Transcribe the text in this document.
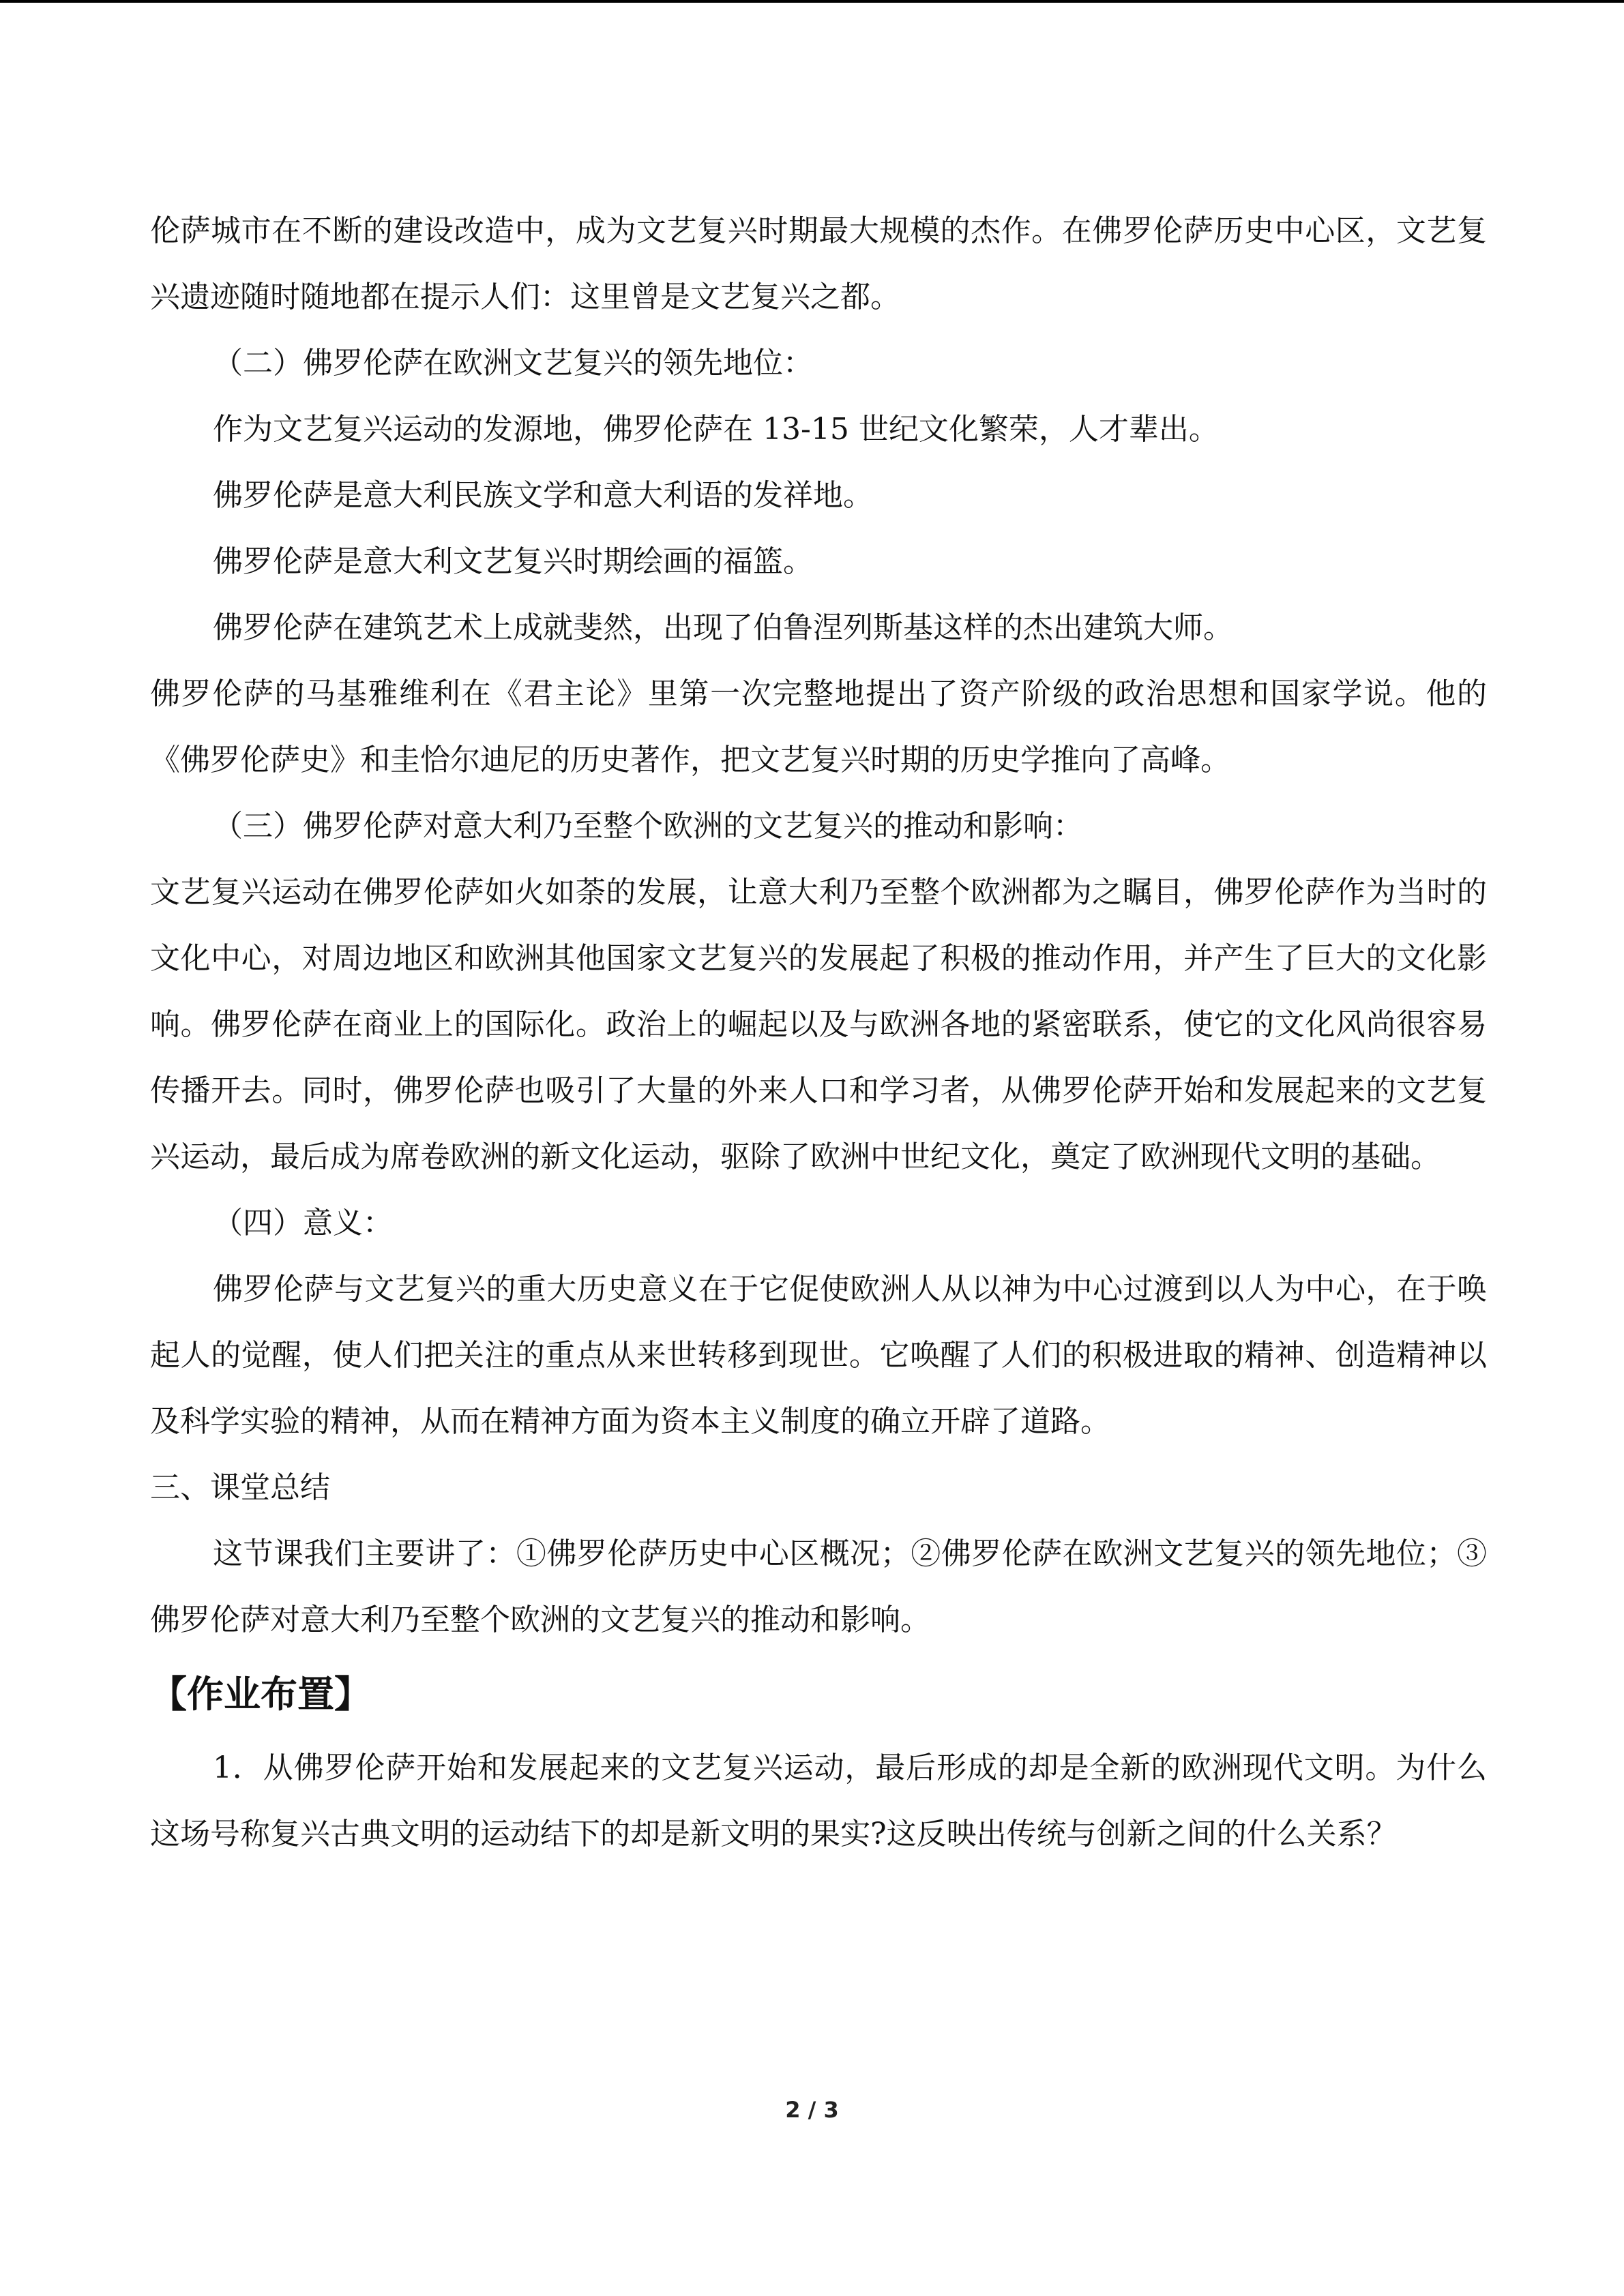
伦萨城市在不断的建设改造中，成为文艺复兴时期最大规模的杰作。在佛罗伦萨历史中心区，文艺复兴遗迹随时随地都在提示人们：这里曾是文艺复兴之都。

（二）佛罗伦萨在欧洲文艺复兴的领先地位：

作为文艺复兴运动的发源地，佛罗伦萨在 13-15 世纪文化繁荣，人才辈出。

佛罗伦萨是意大利民族文学和意大利语的发祥地。

佛罗伦萨是意大利文艺复兴时期绘画的福篮。

佛罗伦萨在建筑艺术上成就斐然，出现了伯鲁涅列斯基这样的杰出建筑大师。

佛罗伦萨的马基雅维利在《君主论》里第一次完整地提出了资产阶级的政治思想和国家学说。他的《佛罗伦萨史》和圭恰尔迪尼的历史著作，把文艺复兴时期的历史学推向了高峰。

（三）佛罗伦萨对意大利乃至整个欧洲的文艺复兴的推动和影响：

文艺复兴运动在佛罗伦萨如火如荼的发展，让意大利乃至整个欧洲都为之瞩目，佛罗伦萨作为当时的文化中心，对周边地区和欧洲其他国家文艺复兴的发展起了积极的推动作用，并产生了巨大的文化影响。佛罗伦萨在商业上的国际化。政治上的崛起以及与欧洲各地的紧密联系，使它的文化风尚很容易传播开去。同时，佛罗伦萨也吸引了大量的外来人口和学习者，从佛罗伦萨开始和发展起来的文艺复兴运动，最后成为席卷欧洲的新文化运动，驱除了欧洲中世纪文化，奠定了欧洲现代文明的基础。

（四）意义：

佛罗伦萨与文艺复兴的重大历史意义在于它促使欧洲人从以神为中心过渡到以人为中心，在于唤起人的觉醒，使人们把关注的重点从来世转移到现世。它唤醒了人们的积极进取的精神、创造精神以及科学实验的精神，从而在精神方面为资本主义制度的确立开辟了道路。

三、课堂总结

这节课我们主要讲了：①佛罗伦萨历史中心区概况；②佛罗伦萨在欧洲文艺复兴的领先地位；③佛罗伦萨对意大利乃至整个欧洲的文艺复兴的推动和影响。

【作业布置】

1．从佛罗伦萨开始和发展起来的文艺复兴运动，最后形成的却是全新的欧洲现代文明。为什么这场号称复兴古典文明的运动结下的却是新文明的果实?这反映出传统与创新之间的什么关系？

2 / 3
